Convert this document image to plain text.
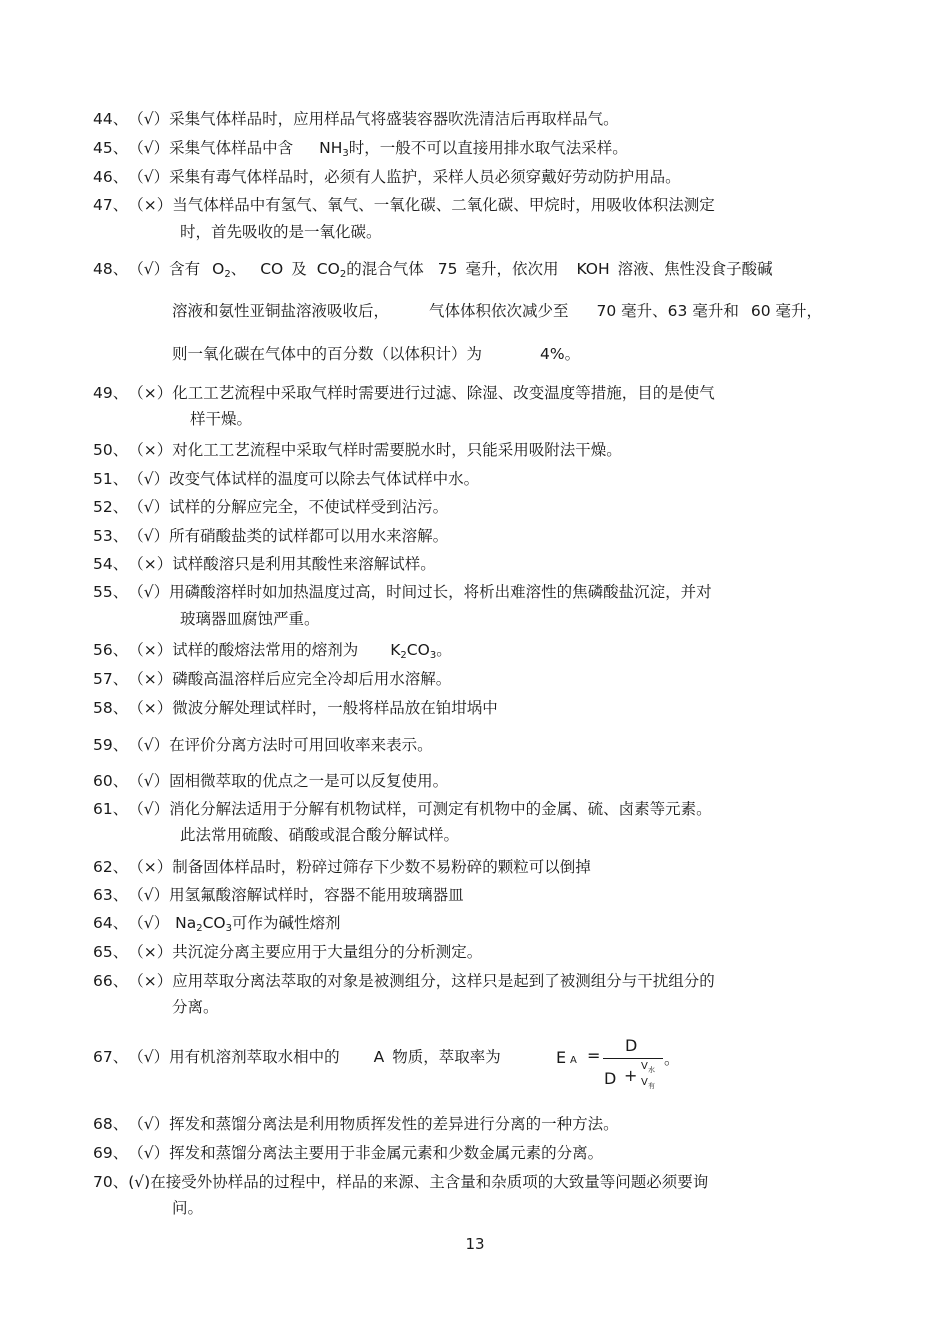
44、（√）采集气体样品时，应用样品气将盛装容器吹洗清洁后再取样品气。
45、（√）采集气体样品中含 $NH_3$时，一般不可以直接用排水取气法采样。
46、（√）采集有毒气体样品时，必须有人监护，采样人员必须穿戴好劳动防护用品。
47、（×）当气体样品中有氢气、氧气、一氧化碳、二氧化碳、甲烷时，用吸收体积法测定
时，首先吸收的是一氧化碳。
48、（√）含有 $O_2$、 CO 及 $CO_2$的混合气体 75 毫升，依次用 KOH 溶液、焦性没食子酸碱
溶液和氨性亚铜盐溶液吸收后，	气体体积依次减少至 70 毫升、63 毫升和 60 毫升，
则一氧化碳在气体中的百分数（以体积计）为	4%。
49、（×）化工工艺流程中采取气样时需要进行过滤、除湿、改变温度等措施，目的是使气
样干燥。
50、（×）对化工工艺流程中采取气样时需要脱水时，只能采用吸附法干燥。
51、（√）改变气体试样的温度可以除去气体试样中水。
52、（√）试样的分解应完全，不使试样受到沾污。
53、（√）所有硝酸盐类的试样都可以用水来溶解。
54、（×）试样酸溶只是利用其酸性来溶解试样。
55、（√）用磷酸溶样时如加热温度过高，时间过长，将析出难溶性的焦磷酸盐沉淀，并对
玻璃器皿腐蚀严重。
56、（×）试样的酸熔法常用的熔剂为 $K_2CO_3$。
57、（×）磷酸高温溶样后应完全冷却后用水溶解。
58、（×）微波分解处理试样时，一般将样品放在铂坩埚中
59、（√）在评价分离方法时可用回收率来表示。
60、（√）固相微萃取的优点之一是可以反复使用。
61、（√）消化分解法适用于分解有机物试样，可测定有机物中的金属、硫、卤素等元素。
此法常用硫酸、硝酸或混合酸分解试样。
62、（×）制备固体样品时，粉碎过筛存下少数不易粉碎的颗粒可以倒掉
63、（√）用氢氟酸溶解试样时，容器不能用玻璃器皿
64、（√） $Na_2CO_3$可作为碱性熔剂
65、（×）共沉淀分离主要应用于大量组分的分析测定。
66、（×）应用萃取分离法萃取的对象是被测组分，这样只是起到了被测组分与干扰组分的
分离。
67、（√）用有机溶剂萃取水相中的 A 物质，萃取率为	E A =
D
D + V 水
V 有
。
68、（√）挥发和蒸馏分离法是利用物质挥发性的差异进行分离的一种方法。
69、（√）挥发和蒸馏分离法主要用于非金属元素和少数金属元素的分离。
70、(√)在接受外协样品的过程中，样品的来源、主含量和杂质项的大致量等问题必须要询
问。
13
